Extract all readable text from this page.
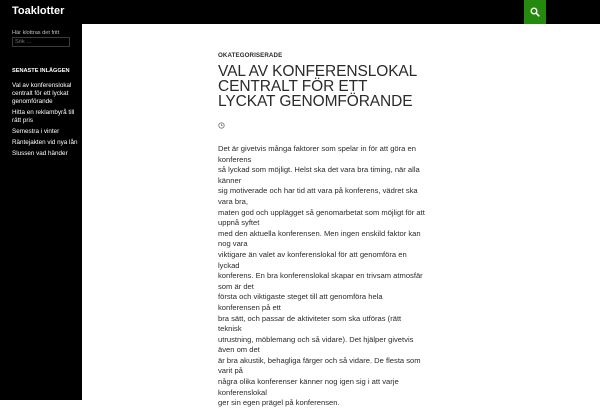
Toaklotter
Här klottras det fritt
Sök …
SENASTE INLÄGGEN
Val av konferenslokal centralt för ett lyckat genomförande
Hitta en reklambyrå till rätt pris
Semestra i vinter
Räntejakten vid nya lån
Slussen vad händer
OKATEGORISERADE
VAL AV KONFERENSLOKAL CENTRALT FÖR ETT LYCKAT GENOMFÖRANDE
Det är givetvis många faktorer som spelar in för att göra en konferens
så lyckad som möjligt. Helst ska det vara bra timing, när alla känner
sig motiverade och har tid att vara på konferens, vädret ska vara bra,
maten god och upplägget så genomarbetat som möjligt för att uppnå syftet
med den aktuella konferensen. Men ingen enskild faktor kan nog vara
viktigare än valet av konferenslokal för att genomföra en lyckad
konferens. En bra konferenslokal skapar en trivsam atmosfär som är det
första och viktigaste steget till att genomföra hela konferensen på ett
bra sätt, och passar de aktiviteter som ska utföras (rätt teknisk
utrustning, möblemang och så vidare). Det hjälper givetvis även om det
är bra akustik, behagliga färger och så vidare. De flesta som varit på
några olika konferenser känner nog igen sig i att varje konferenslokal
ger sin egen prägel på konferensen.
